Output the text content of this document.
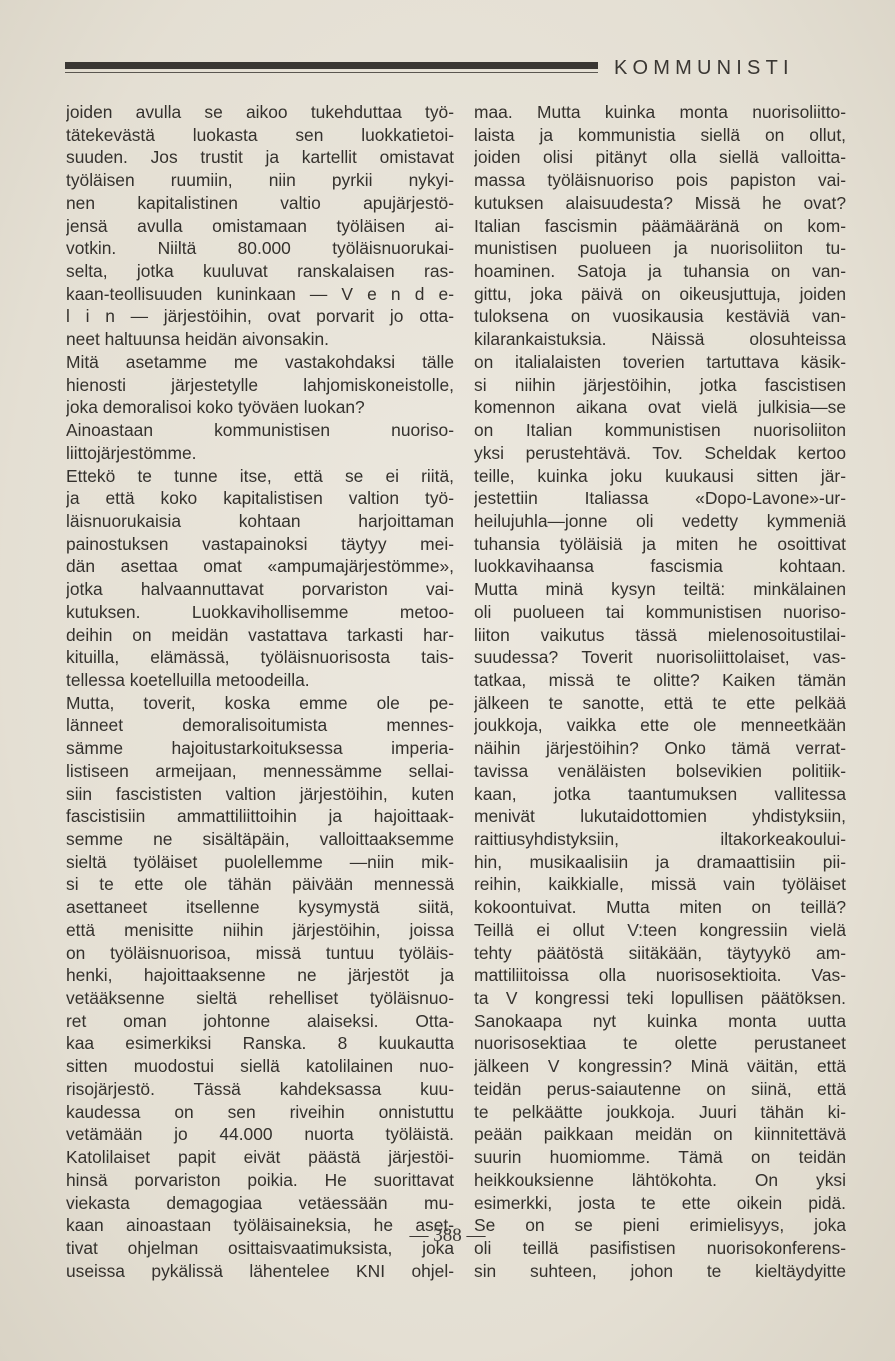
KOMMUNISTI
joiden avulla se aikoo tukehduttaa työ-
tätekevästä luokasta sen luokkatietoi-
suuden. Jos trustit ja kartellit omistavat
työläisen ruumiin, niin pyrkii nykyi-
nen kapitalistinen valtio apujärjestö-
jensä avulla omistamaan työläisen ai-
votkin. Niiltä 80.000 työläisnuorukai-
selta, jotka kuuluvat ranskalaisen ras-
kaan-teollisuuden kuninkaan — V e n d e-
l i n — järjestöihin, ovat porvarit jo otta-
neet haltuunsa heidän aivonsakin.
Mitä asetamme me vastakohdaksi tälle
hienosti järjestetylle lahjomiskoneistolle,
joka demoralisoi koko työväen luokan?
Ainoastaan kommunistisen nuoriso-
liittojärjestömme.
Ettekö te tunne itse, että se ei riitä,
ja että koko kapitalistisen valtion työ-
läisnuorukaisia kohtaan harjoittaman
painostuksen vastapainoksi täytyy mei-
dän asettaa omat «ampumajärjestömme»,
jotka halvaannuttavat porvariston vai-
kutuksen. Luokkavihollisemme metoo-
deihin on meidän vastattava tarkasti har-
kituilla, elämässä, työläisnuorisosta tais-
tellessa koetelluilla metoodeilla.
Mutta, toverit, koska emme ole pe-
länneet demoralisoitumista mennes-
sämme hajoitustarkoituksessa imperia-
listiseen armeijaan, mennessämme sellai-
siin fascististen valtion järjestöihin, kuten
fascistisiin ammattiliittoihin ja hajoittaak-
semme ne sisältäpäin, valloittaaksemme
sieltä työläiset puolellemme —niin mik-
si te ette ole tähän päivään mennessä
asettaneet itsellenne kysymystä siitä,
että menisitte niihin järjestöihin, joissa
on työläisnuorisoa, missä tuntuu työläis-
henki, hajoittaaksenne ne järjestöt ja
vetääksenne sieltä rehelliset työläisnuo-
ret oman johtonne alaiseksi. Otta-
kaa esimerkiksi Ranska. 8 kuukautta
sitten muodostui siellä katolilainen nuo-
risojärjestö. Tässä kahdeksassa kuu-
kaudessa on sen riveihin onnistuttu
vetämään jo 44.000 nuorta työläistä.
Katolilaiset papit eivät päästä järjestöi-
hinsä porvariston poikia. He suorittavat
viekasta demagogiaa vetäessään mu-
kaan ainoastaan työläisaineksia, he aset-
tivat ohjelman osittaisvaatimuksista, joka
useissa pykälissä lähentelee KNI ohjel-
maa. Mutta kuinka monta nuorisoliitto-
laista ja kommunistia siellä on ollut,
joiden olisi pitänyt olla siellä valloitta-
massa työläisnuoriso pois papiston vai-
kutuksen alaisuudesta? Missä he ovat?
Italian fascismin päämääränä on kom-
munistisen puolueen ja nuorisoliiton tu-
hoaminen. Satoja ja tuhansia on van-
gittu, joka päivä on oikeusjuttuja, joiden
tuloksena on vuosikausia kestäviä van-
kilarankaistuksia. Näissä olosuhteissa
on italialaisten toverien tartuttava käsik-
si niihin järjestöihin, jotka fascistisen
komennon aikana ovat vielä julkisia—se
on Italian kommunistisen nuorisoliiton
yksi perustehtävä. Tov. Scheldak kertoo
teille, kuinka joku kuukausi sitten jär-
jestettiin Italiassa «Dopo-Lavone»-ur-
heilujuhla—jonne oli vedetty kymmeniä
tuhansia työläisiä ja miten he osoittivat
luokkavihaansa fascismia kohtaan.
Mutta minä kysyn teiltä: minkälainen
oli puolueen tai kommunistisen nuoriso-
liiton vaikutus tässä mielenosoitustilai-
suudessa? Toverit nuorisoliittolaiset, vas-
tatkaa, missä te olitte? Kaiken tämän
jälkeen te sanotte, että te ette pelkää
joukkoja, vaikka ette ole menneetkään
näihin järjestöihin? Onko tämä verrat-
tavissa venäläisten bolsevikien politiik-
kaan, jotka taantumuksen vallitessa
menivät lukutaidottomien yhdistyksiin,
raittiusyhdistyksiin, iltakorkeakoului-
hin, musikaalisiin ja dramaattisiin pii-
reihin, kaikkialle, missä vain työläiset
kokoontuivat. Mutta miten on teillä?
Teillä ei ollut V:teen kongressiin vielä
tehty päätöstä siitäkään, täytyykö am-
mattiliitoissa olla nuorisosektioita. Vas-
ta V kongressi teki lopullisen päätöksen.
Sanokaapa nyt kuinka monta uutta
nuorisosektiaa te olette perustaneet
jälkeen V kongressin? Minä väitän, että
teidän perus-saiautenne on siinä, että
te pelkäätte joukkoja. Juuri tähän ki-
peään paikkaan meidän on kiinnitettävä
suurin huomiomme. Tämä on teidän
heikkouksienne lähtökohta. On yksi
esimerkki, josta te ette oikein pidä.
Se on se pieni erimielisyys, joka
oli teillä pasifistisen nuorisokonferens-
sin suhteen, johon te kieltäydyitte
— 388 —
